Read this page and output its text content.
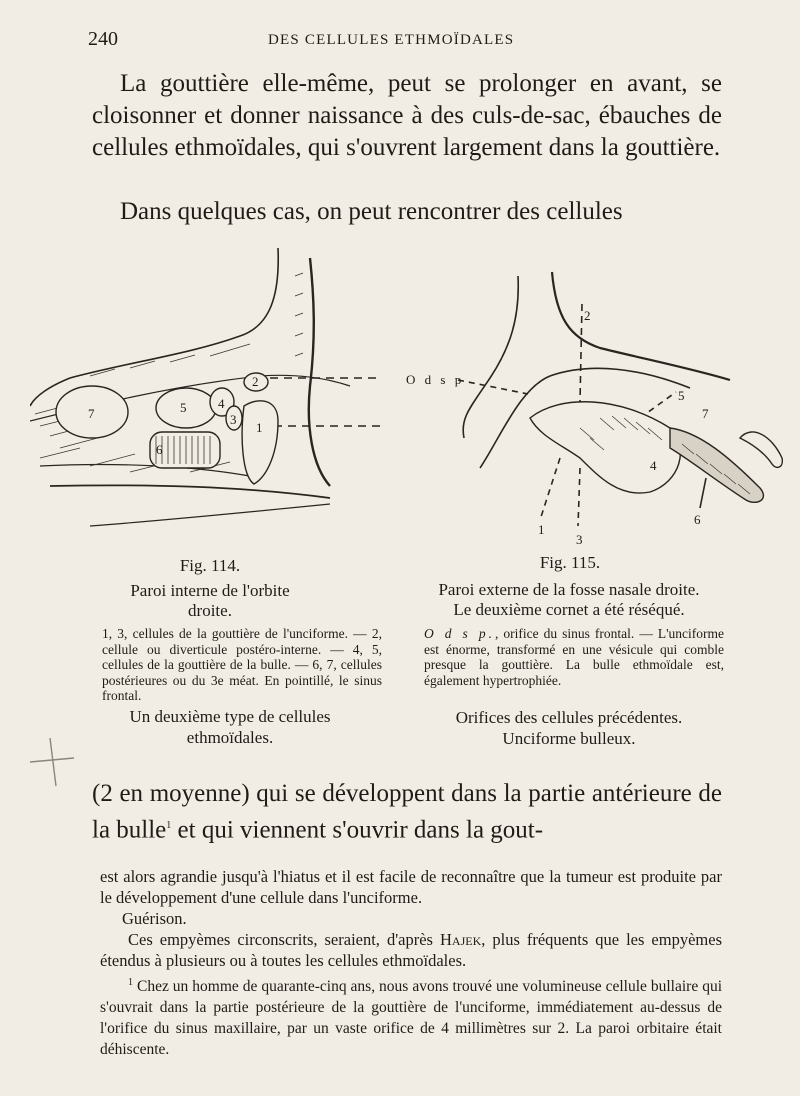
240	DES CELLULES ETHMOÏDALES
La gouttière elle-même, peut se prolonger en avant, se cloisonner et donner naissance à des culs-de-sac, ébauches de cellules ethmoïdales, qui s'ouvrent largement dans la gouttière.
Dans quelques cas, on peut rencontrer des cellules
7	5 4
2
3
1
6
O d s p
2
5
7
4
6
1
3
Fig. 114.
Paroi interne de l'orbite
droite.
1, 3, cellules de la gouttière de l'unciforme. — 2, cellule ou diverticule postéro-interne. — 4, 5, cellules de la gouttière de la bulle. — 6, 7, cellules postérieures ou du 3e méat. En pointillé, le sinus frontal.
Un deuxième type de cellules
ethmoïdales.
Fig. 115.
Paroi externe de la fosse nasale droite.
Le deuxième cornet a été réséqué.
O d s p., orifice du sinus frontal. — L'unciforme est énorme, transformé en une vésicule qui comble presque la gouttière. La bulle ethmoïdale est, également hypertrophiée.
Orifices des cellules précédentes.
Unciforme bulleux.
(2 en moyenne) qui se développent dans la partie antérieure de la bulle$^1$ et qui viennent s'ouvrir dans la gout-
est alors agrandie jusqu'à l'hiatus et il est facile de reconnaître que la tumeur est produite par le développement d'une cellule dans l'unciforme.
Guérison.
Ces empyèmes circonscrits, seraient, d'après Hajek, plus fréquents que les empyèmes étendus à plusieurs ou à toutes les cellules ethmoïdales.
$^1$ Chez un homme de quarante-cinq ans, nous avons trouvé une volumineuse cellule bullaire qui s'ouvrait dans la partie postérieure de la gouttière de l'unciforme, immédiatement au-dessus de l'orifice du sinus maxillaire, par un vaste orifice de 4 millimètres sur 2. La paroi orbitaire était déhiscente.
